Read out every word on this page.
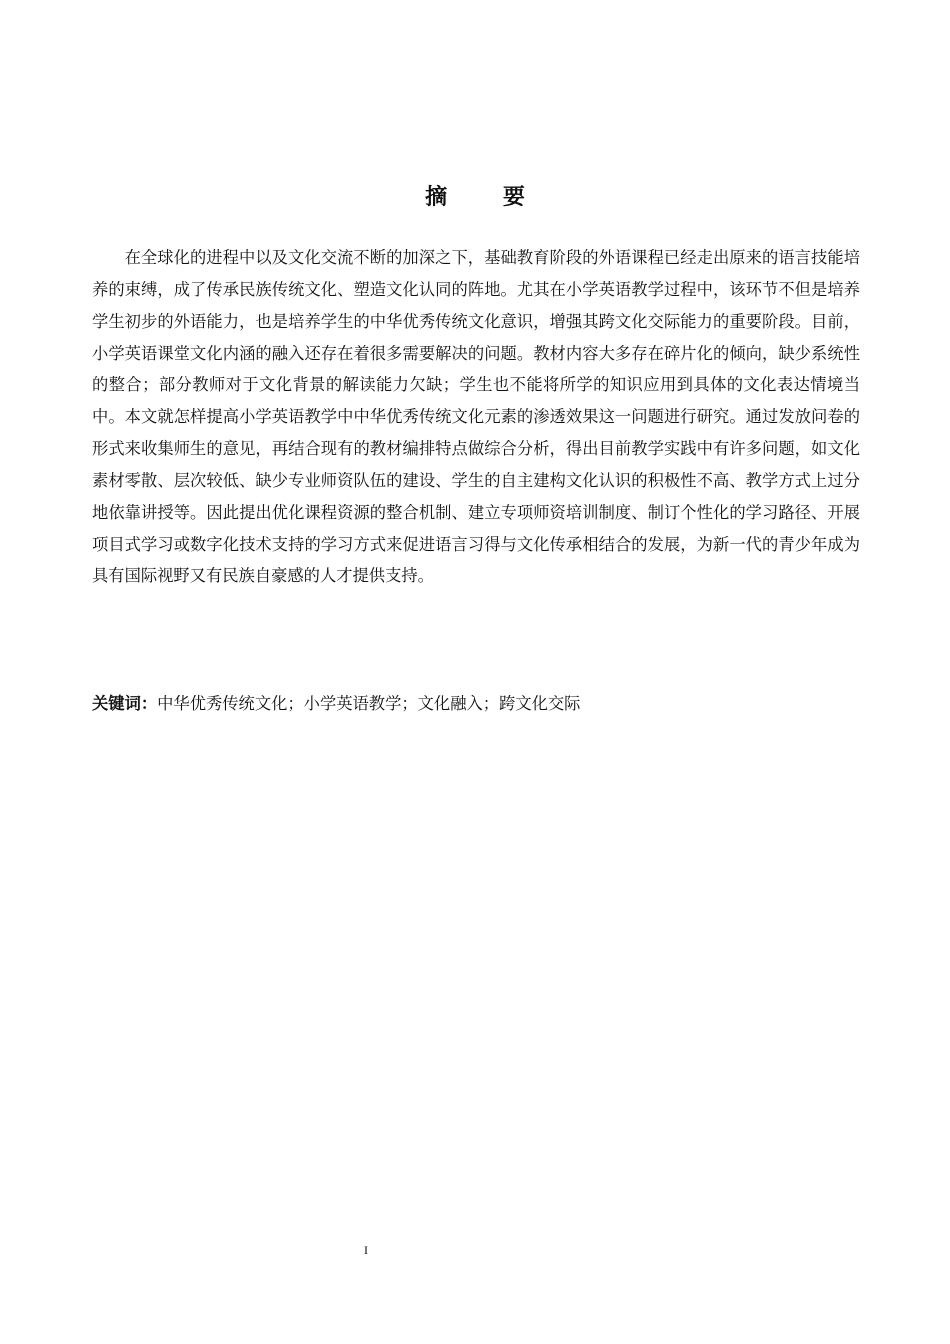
摘 要

在全球化的进程中以及文化交流不断的加深之下，基础教育阶段的外语课程已经走出原来的语言技能培养的束缚，成了传承民族传统文化、塑造文化认同的阵地。尤其在小学英语教学过程中，该环节不但是培养学生初步的外语能力，也是培养学生的中华优秀传统文化意识，增强其跨文化交际能力的重要阶段。目前，小学英语课堂文化内涵的融入还存在着很多需要解决的问题。教材内容大多存在碎片化的倾向，缺少系统性的整合；部分教师对于文化背景的解读能力欠缺；学生也不能将所学的知识应用到具体的文化表达情境当中。本文就怎样提高小学英语教学中中华优秀传统文化元素的渗透效果这一问题进行研究。通过发放问卷的形式来收集师生的意见，再结合现有的教材编排特点做综合分析，得出目前教学实践中有许多问题，如文化素材零散、层次较低、缺少专业师资队伍的建设、学生的自主建构文化认识的积极性不高、教学方式上过分地依靠讲授等。因此提出优化课程资源的整合机制、建立专项师资培训制度、制订个性化的学习路径、开展项目式学习或数字化技术支持的学习方式来促进语言习得与文化传承相结合的发展，为新一代的青少年成为具有国际视野又有民族自豪感的人才提供支持。

关键词：中华优秀传统文化；小学英语教学；文化融入；跨文化交际

I
